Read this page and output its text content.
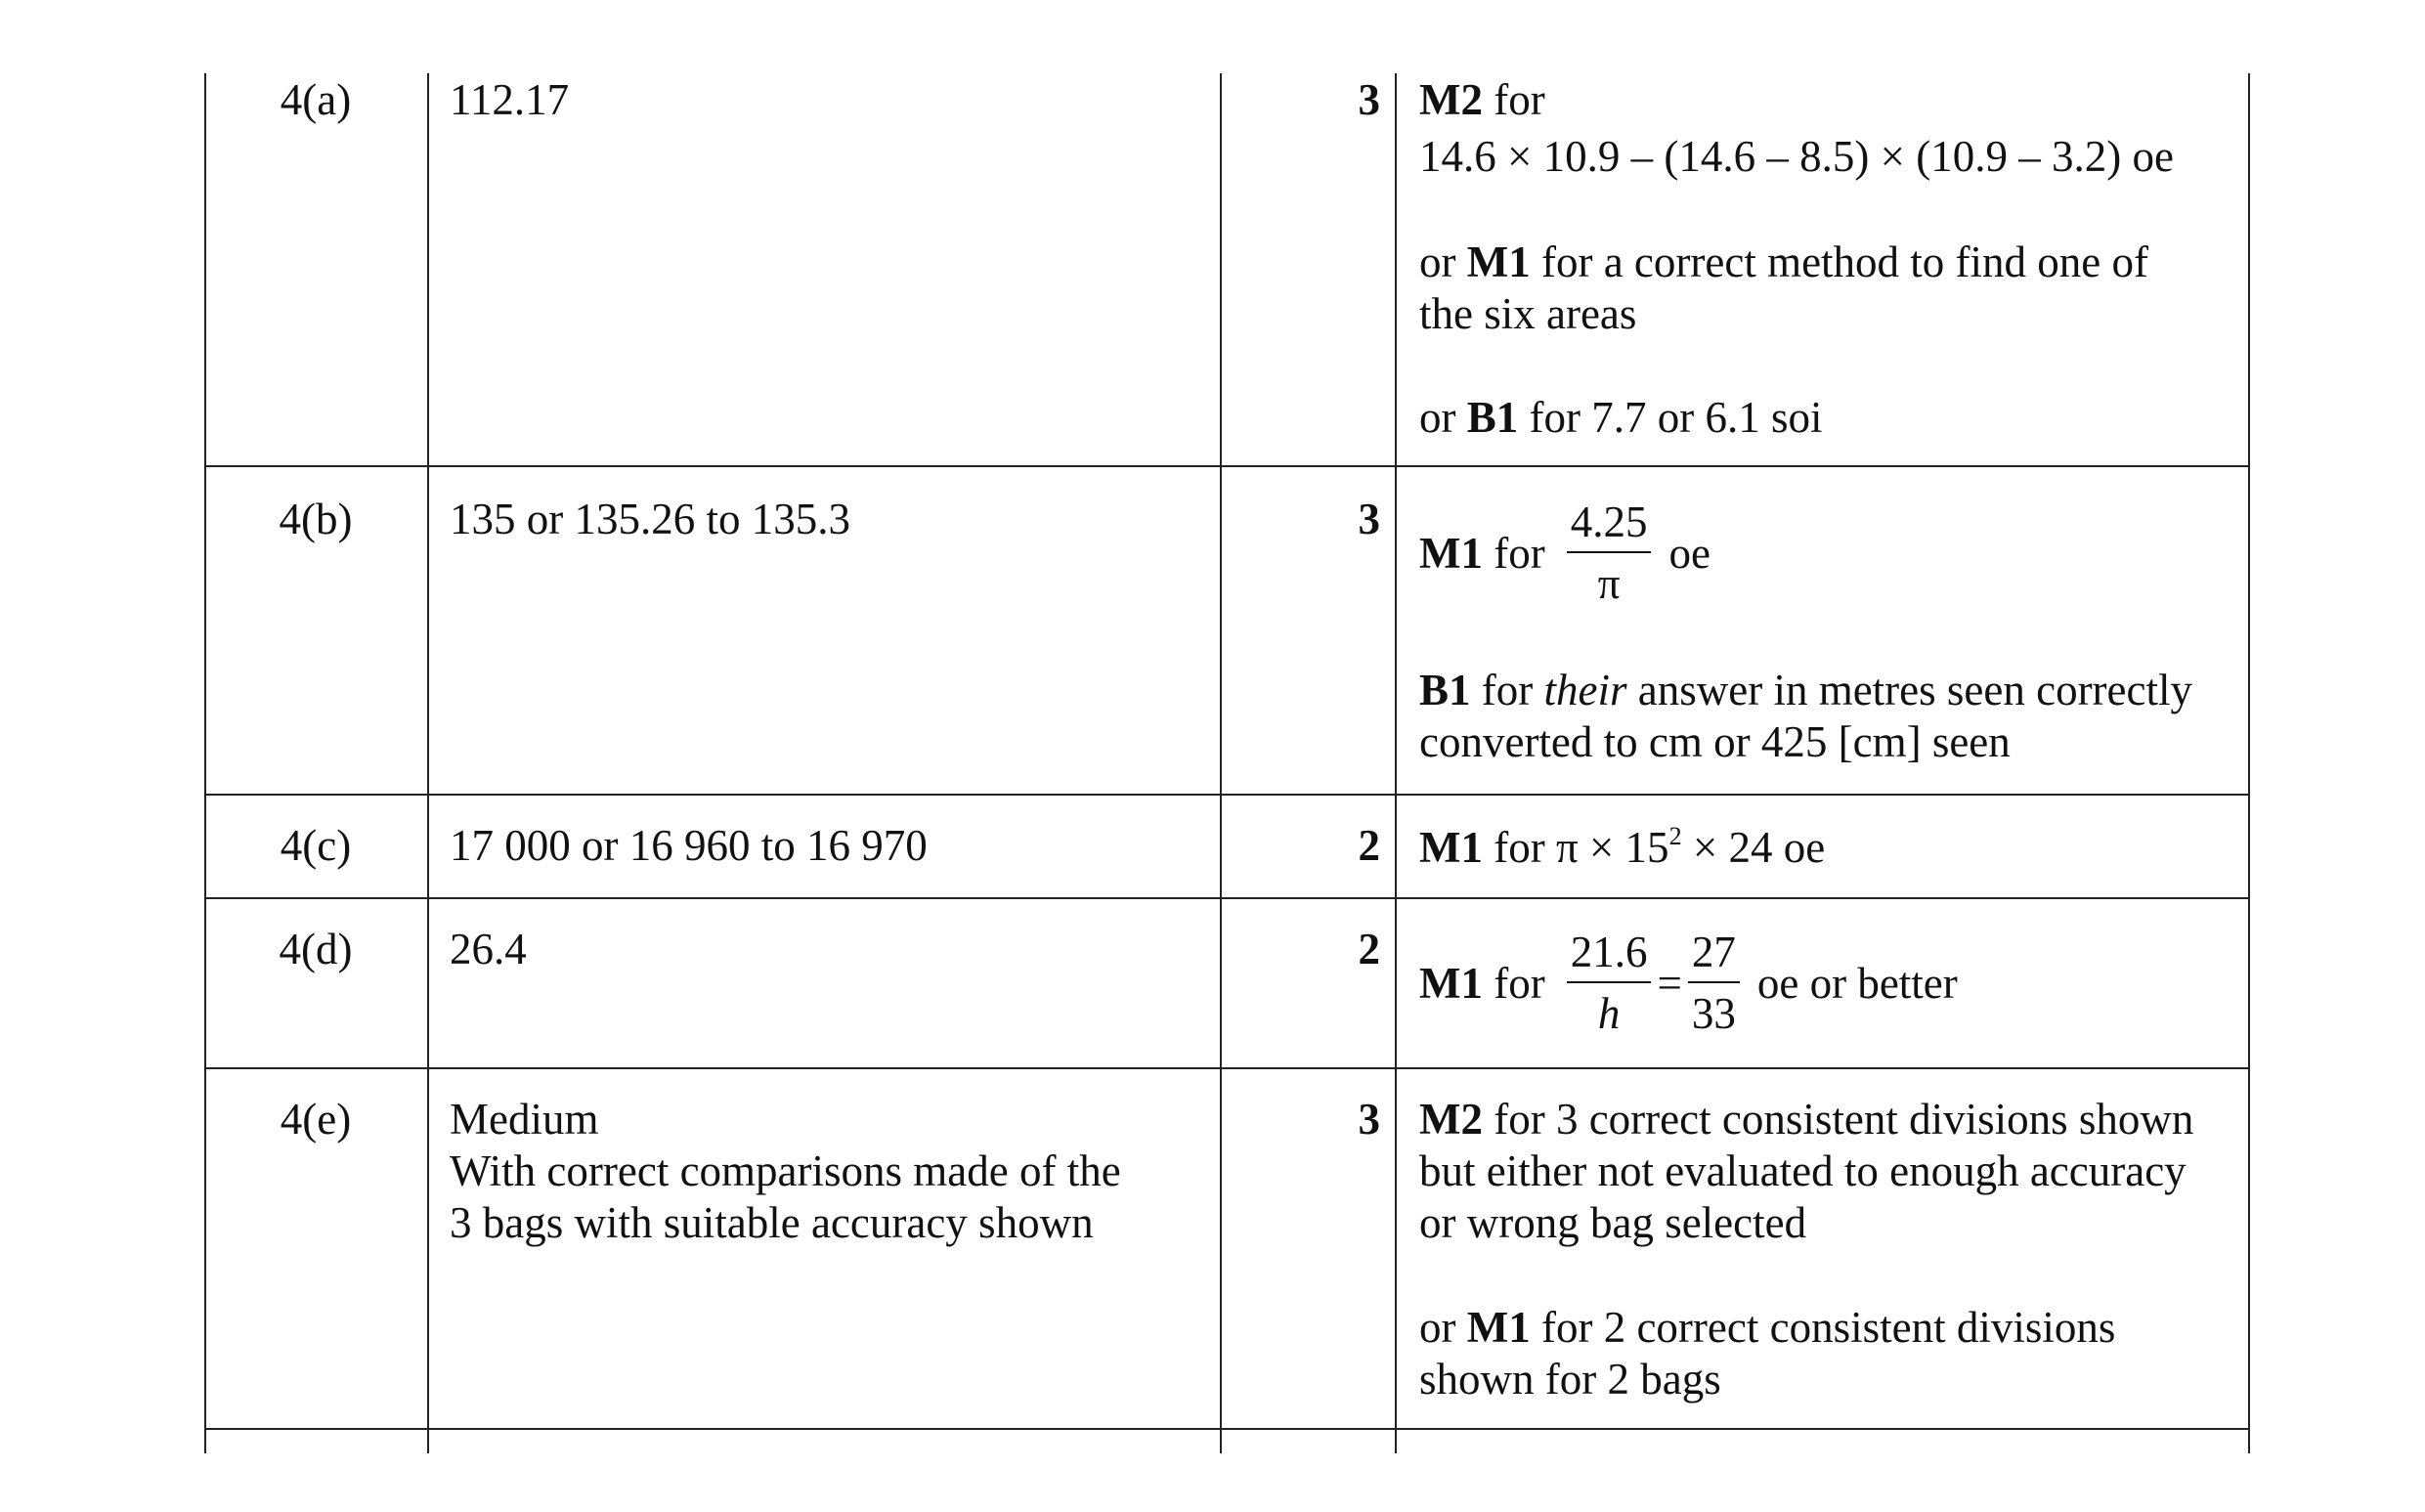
4(a)	112.17	3 M2 for
14.6 × 10.9 – (14.6 – 8.5) × (10.9 – 3.2) oe
or M1 for a correct method to find one of
the six areas
or B1 for 7.7 or 6.1 soi
4(b)	135 or 135.26 to 135.3	3
M1 for $\frac{4.25}{\pi}$ oe
B1 for their answer in metres seen correctly
converted to cm or 425 [cm] seen
4(c)	17 000 or 16 960 to 16 970	2 M1 for $\pi \times 15^2 \times 24$ oe
4(d)	26.4	2
M1 for $\frac{21.6}{h} = \frac{27}{33}$ oe or better
4(e)	Medium
With correct comparisons made of the
3 bags with suitable accuracy shown
3 M2 for 3 correct consistent divisions shown
but either not evaluated to enough accuracy
or wrong bag selected
or M1 for 2 correct consistent divisions
shown for 2 bags
